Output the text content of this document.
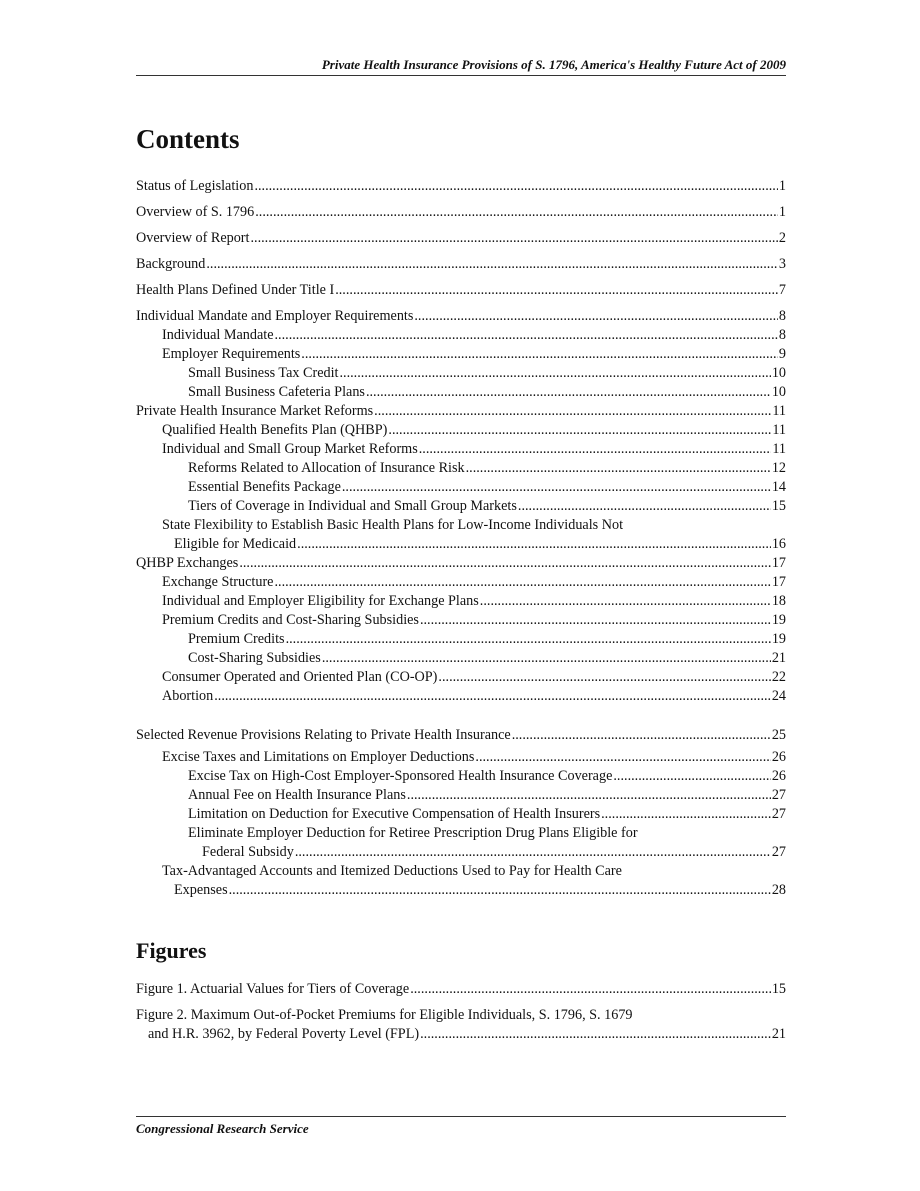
Private Health Insurance Provisions of S. 1796, America's Healthy Future Act of 2009
Contents
Status of Legislation .....	1
Overview of S. 1796 .....	1
Overview of Report .....	2
Background .....	3
Health Plans Defined Under Title I .....	7
Individual Mandate and Employer Requirements .....	8
Individual Mandate .....	8
Employer Requirements .....	9
Small Business Tax Credit .....	10
Small Business Cafeteria Plans .....	10
Private Health Insurance Market Reforms .....	11
Qualified Health Benefits Plan (QHBP) .....	11
Individual and Small Group Market Reforms .....	11
Reforms Related to Allocation of Insurance Risk .....	12
Essential Benefits Package .....	14
Tiers of Coverage in Individual and Small Group Markets .....	15
State Flexibility to Establish Basic Health Plans for Low-Income Individuals Not
Eligible for Medicaid .....	16
QHBP Exchanges .....	17
Exchange Structure .....	17
Individual and Employer Eligibility for Exchange Plans .....	18
Premium Credits and Cost-Sharing Subsidies .....	19
Premium Credits .....	19
Cost-Sharing Subsidies .....	21
Consumer Operated and Oriented Plan (CO-OP) .....	22
Abortion .....	24
Selected Revenue Provisions Relating to Private Health Insurance .....	25
Excise Taxes and Limitations on Employer Deductions .....	26
Excise Tax on High-Cost Employer-Sponsored Health Insurance Coverage .....	26
Annual Fee on Health Insurance Plans .....	27
Limitation on Deduction for Executive Compensation of Health Insurers .....	27
Eliminate Employer Deduction for Retiree Prescription Drug Plans Eligible for
Federal Subsidy .....	27
Tax-Advantaged Accounts and Itemized Deductions Used to Pay for Health Care
Expenses .....	28
Figures
Figure 1. Actuarial Values for Tiers of Coverage .....	15
Figure 2. Maximum Out-of-Pocket Premiums for Eligible Individuals, S. 1796, S. 1679
and H.R. 3962, by Federal Poverty Level (FPL) .....	21
Congressional Research Service
